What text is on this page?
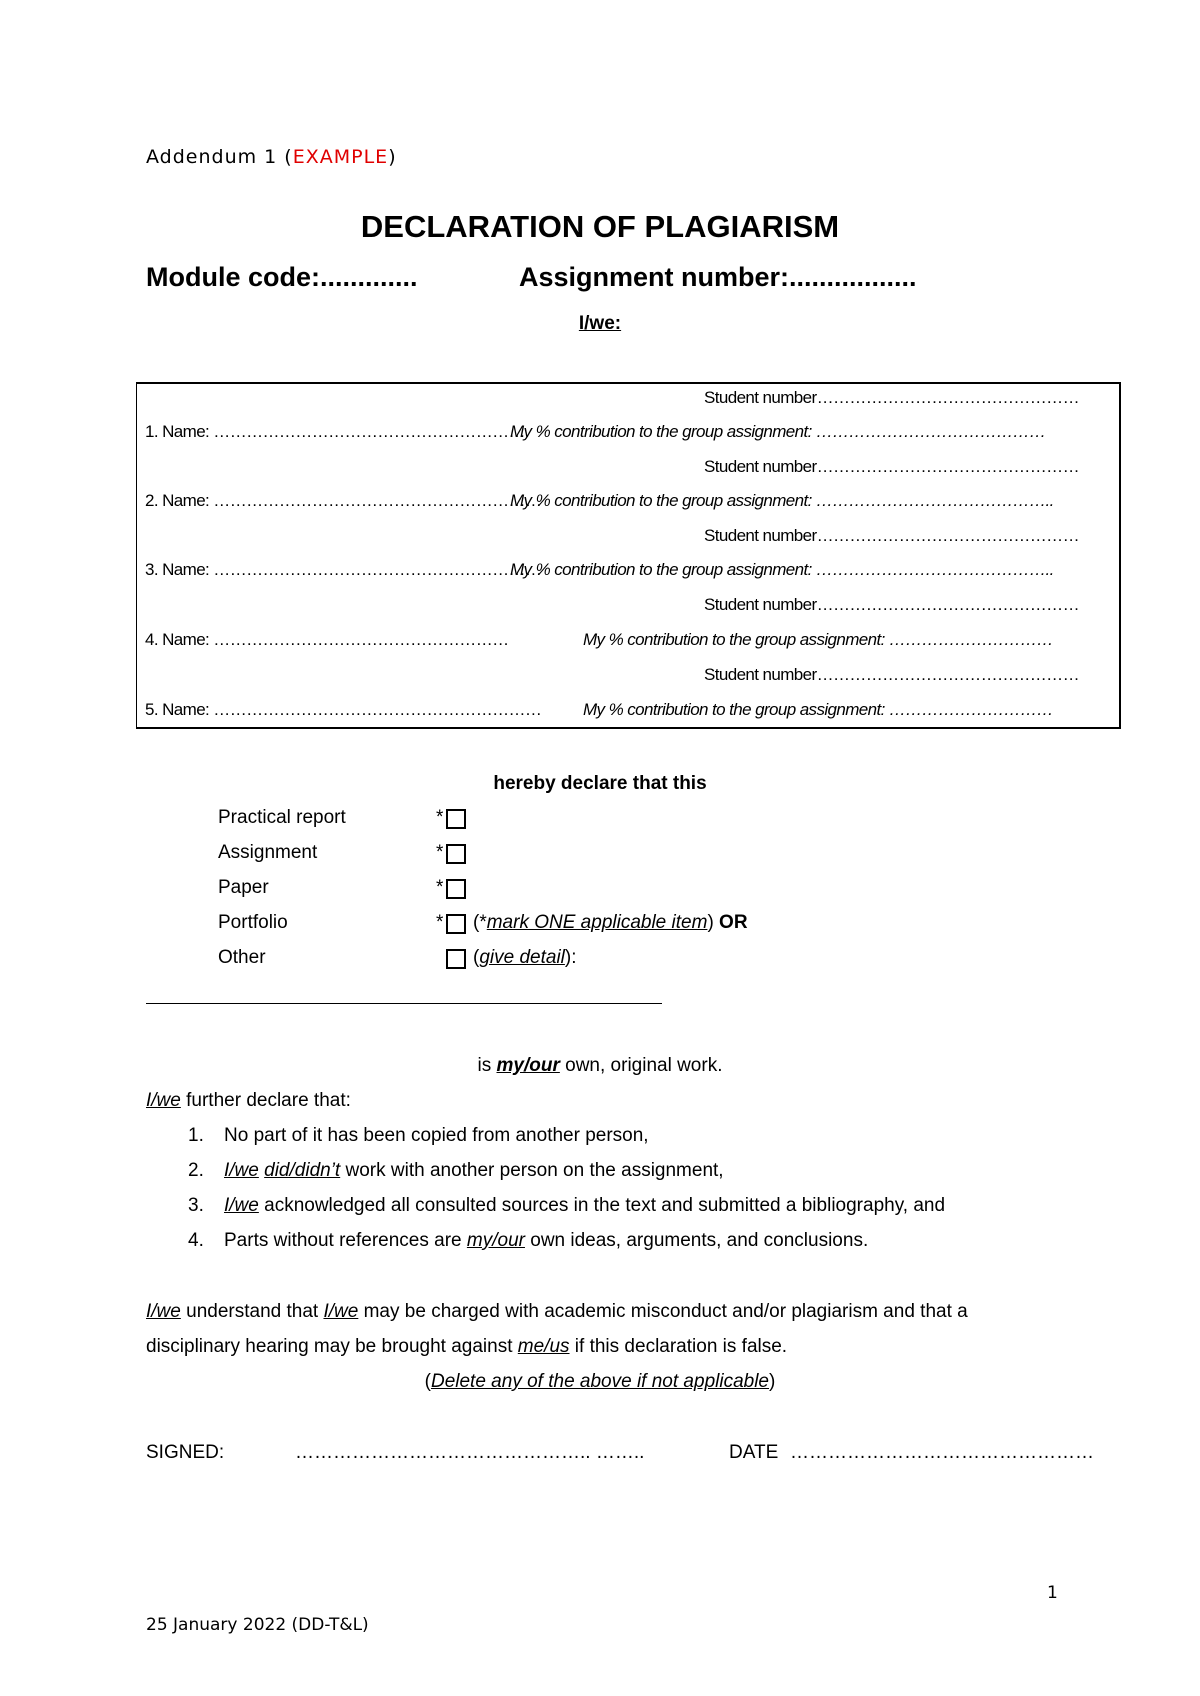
Addendum 1 (EXAMPLE)
DECLARATION OF PLAGIARISM
Module code:.............	Assignment number:.................
I/we:
Student number…………………………………………
1. Name: ………………………………………………….
My % contribution to the group assignment: ……………………………………
Student number…………………………………………
2. Name: ……………………………………………………
My % contribution to the group assignment: ……………………………………..
Student number…………………………………………
3. Name: ……………………………………………………
My % contribution to the group assignment: ……………………………………..
Student number…………………………………………
4. Name: ………………………………………………	My % contribution to the group assignment: …………………………
Student number…………………………………………
5. Name: …………………………………………………… My % contribution to the group assignment: …………………………
hereby declare that this
Practical report	*
Assignment	*
Paper	*
Portfolio	* (*mark ONE applicable item) OR
Other	(give detail):
is my/our own, original work.
I/we further declare that:
1. No part of it has been copied from another person,
2. I/we did/didn’t work with another person on the assignment,
3. I/we acknowledged all consulted sources in the text and submitted a bibliography, and
4. Parts without references are my/our own ideas, arguments, and conclusions.
I/we understand that I/we may be charged with academic misconduct and/or plagiarism and that a
disciplinary hearing may be brought against me/us if this declaration is false.
(Delete any of the above if not applicable)
SIGNED:	……………………………………….. ……..	DATE …………………………………………
1
25 January 2022 (DD-T&L)
